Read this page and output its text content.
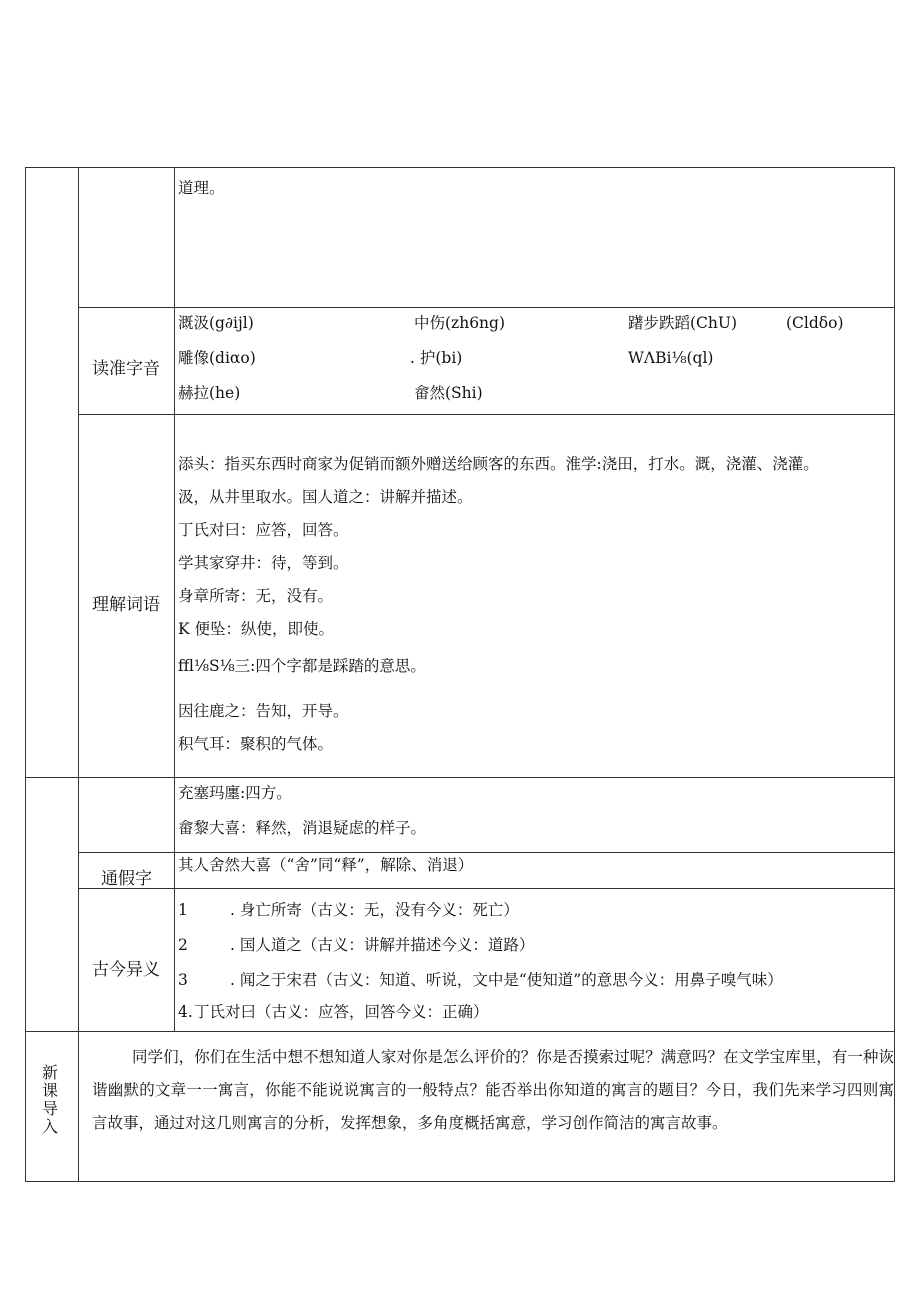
道理。
读准字音
溉汲(g∂ijl)	中伤(zh6ng)	躇步跌蹈(ChU)	(Cldδo)
雕像(diαo)	. 护(bi)	WΛBi⅛(ql)
赫拉(he)	畲然(Shi)
理解词语
添头：指买东西时商家为促销而额外赠送给顾客的东西。淮学:浇田，打水。溉，浇灌、浇灌。
汲，从井里取水。国人道之：讲解并描述。
丁氏对曰：应答，回答。
学其家穿井：待，等到。
身章所寄：无，没有。
K 便坠：纵使，即使。
ffl⅛S⅛三:四个字都是踩踏的意思。
因往鹿之：告知，开导。
积气耳：聚积的气体。
充塞玛廛:四方。
畲黎大喜：释然，消退疑虑的样子。
通假字
其人舍然大喜（“舍”同“释”，解除、消退）
古今异义
1	. 身亡所寄（古义：无，没有今义：死亡）
2	. 国人道之（古义：讲解并描述今义：道路）
3	. 闻之于宋君（古义：知道、听说，文中是“使知道”的意思今义：用鼻子嗅气味）
4. 丁氏对曰（古义：应答，回答今义：正确）
新
课
导
入
同学们，你们在生活中想不想知道人家对你是怎么评价的？你是否摸索过呢？满意吗？在文学宝库里，有一种诙谐幽默的文章一一寓言，你能不能说说寓言的一般特点？能否举出你知道的寓言的题目？今日，我们先来学习四则寓言故事，通过对这几则寓言的分析，发挥想象，多角度概括寓意，学习创作简洁的寓言故事。
